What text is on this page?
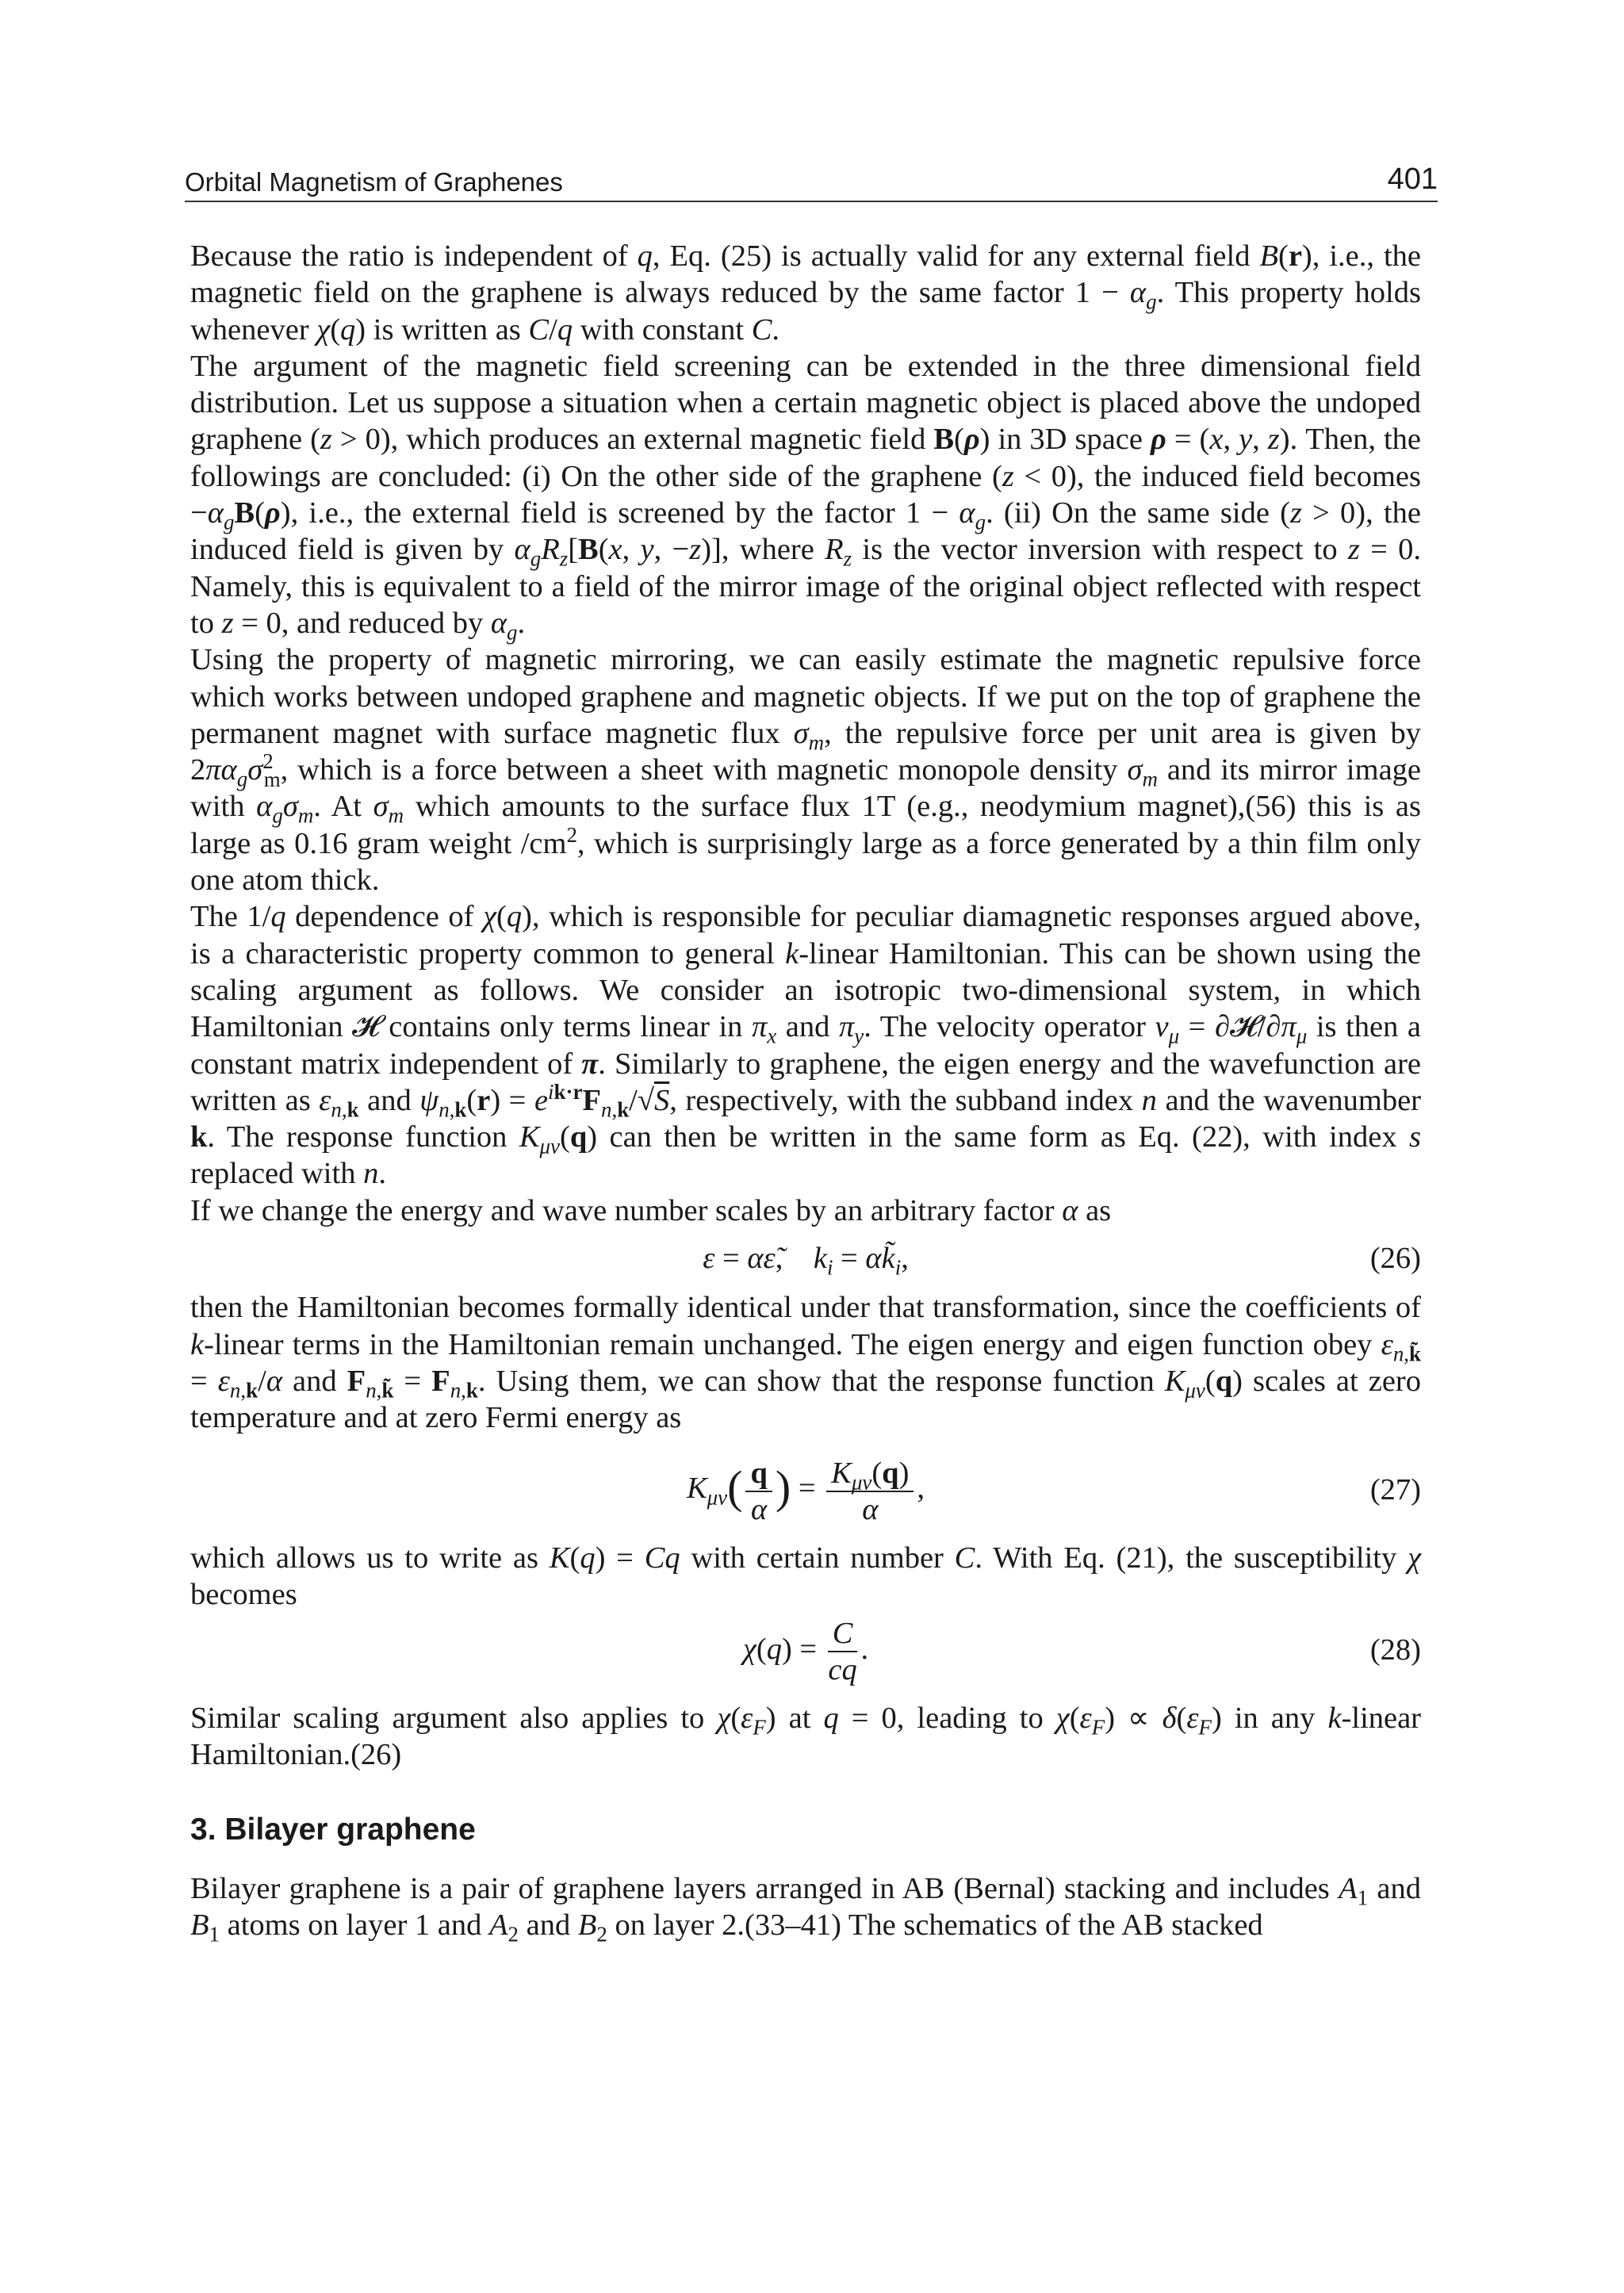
Orbital Magnetism of Graphenes	401

Because the ratio is independent of q, Eq. (25) is actually valid for any external field B(r), i.e., the magnetic field on the graphene is always reduced by the same factor $1 - \alpha_g$. This property holds whenever χ(q) is written as C/q with constant C.

The argument of the magnetic field screening can be extended in the three dimensional field distribution. Let us suppose a situation when a certain magnetic object is placed above the undoped graphene (z > 0), which produces an external magnetic field B(ρ) in 3D space ρ = (x, y, z). Then, the followings are concluded: (i) On the other side of the graphene (z < 0), the induced field becomes $-\alpha_gB(\rho)$, i.e., the external field is screened by the factor $1 - \alpha_g$. (ii) On the same side (z > 0), the induced field is given by $\alpha_gR_z[B(x$, y, −z)], where $R_z$ is the vector inversion with respect to z = 0. Namely, this is equivalent to a field of the mirror image of the original object reflected with respect to z = 0, and reduced by $\alpha_g$.

Using the property of magnetic mirroring, we can easily estimate the magnetic repulsive force which works between undoped graphene and magnetic objects. If we put on the top of graphene the permanent magnet with surface magnetic flux $\sigma_m$, the repulsive force per unit area is given by $2\pi\alpha_g\sigma^2_m$, which is a force between a sheet with magnetic monopole density $\sigma_m$ and its mirror image with $\alpha_g\sigma_m$. At $\sigma_m$ which amounts to the surface flux 1T (e.g., neodymium magnet),(56) this is as large as 0.16 gram weight $/cm^2$, which is surprisingly large as a force generated by a thin film only one atom thick.

The 1/q dependence of χ(q), which is responsible for peculiar diamagnetic responses argued above, is a characteristic property common to general k-linear Hamiltonian. This can be shown using the scaling argument as follows. We consider an isotropic two-dimensional system, in which Hamiltonian 𝓗 contains only terms linear in $\pi_x$ and $\pi_y$. The velocity operator $v_\mu$ = $\partial 𝓗/\partial\pi_\mu$ is then a constant matrix independent of π. Similarly to graphene, the eigen energy and the wavefunction are written as $\varepsilon_{n,k}$ and $\psi_{n,k}(r) = e^{ik\cdot r}F_{n,k}/√S$, respectively, with the subband index n and the wavenumber k. The response function $K_{\mu\nu}(q)$ can then be written in the same form as Eq. (22), with index s replaced with n.

If we change the energy and wave number scales by an arbitrary factor α as

ε = αε̃,    $k_i$ = $\alpha k̃_i$,	(26)

then the Hamiltonian becomes formally identical under that transformation, since the coefficients of k-linear terms in the Hamiltonian remain unchanged. The eigen energy and eigen function obey $\varepsilon_{n,k̃} = \varepsilon_{n,k}/\alpha$ and $F_{n,k̃} = F_{n,k}$. Using them, we can show that the response function $K_{\mu\nu}(q)$ scales at zero temperature and at zero Fermi energy as

$K_{\mu\nu}( \frac{q}{\alpha}$ ) = $\frac{K_{\mu\nu}(q)}{\alpha}$ ,	(27)

which allows us to write as K(q) = Cq with certain number C. With Eq. (21), the susceptibility χ becomes

$\chi(q) = \frac{C}{cq}$ .	(28)

Similar scaling argument also applies to $\chi(\varepsilon_F)$ at q = 0, leading to $\chi(\varepsilon_F) \propto \delta(\varepsilon_F)$ in any k-linear Hamiltonian.(26)

3. Bilayer graphene

Bilayer graphene is a pair of graphene layers arranged in AB (Bernal) stacking and includes $A_1$ and $B_1$ atoms on layer 1 and $A_2$ and $B_2$ on layer 2.(33–41) The schematics of the AB stacked
